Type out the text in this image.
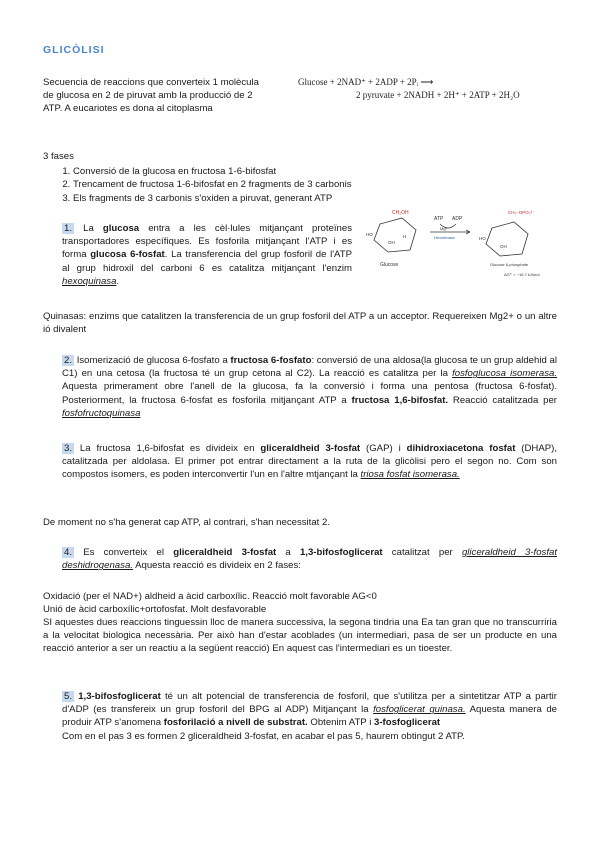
GLICÒLISI
Secuencia de reaccions que converteix 1 molècula de glucosa en 2 de piruvat amb la producció de 2 ATP. A eucariotes es dona al citoplasma
Glucose + 2NAD⁺ + 2ADP + 2Pᵢ ⟶
2 pyruvate + 2NADH + 2H⁺ + 2ATP + 2H₂O
3 fases
1. Conversió de la glucosa en fructosa 1-6-bifosfat
2. Trencament de fructosa 1-6-bifosfat en 2 fragments de 3 carbonis
3. Els fragments de 3 carbonis s'oxiden a piruvat, generant ATP
1. La glucosa entra a les cèl·lules mitjançant proteïnes transportadores específiques. Es fosforila mitjançant l'ATP i es forma glucosa 6-fosfat. La transferencia del grup fosforil de l'ATP al grup hidroxil del carboni 6 es catalitza mitjançant l'enzim hexoquinasa.
CH₂OH
HO
OH
H
Glucose
ATP ADP
Mg²⁺
Hexokinase
CH₂–OPO₃²⁻
HO
OH
Glucose 6-phosphate
ΔG°′ = −16.7 kJ/mol
Quinasas: enzims que catalitzen la transferencia de un grup fosforil del ATP a un acceptor. Requereixen Mg2+ o un altre ió divalent
2. Isomerizació de glucosa 6-fosfato a fructosa 6-fosfato: conversió de una aldosa(la glucosa te un grup aldehid al C1) en una cetosa (la fructosa té un grup cetona al C2). La reacció es catalitza per la fosfoglucosa isomerasa. Aquesta primerament obre l'anell de la glucosa, fa la conversió i forma una pentosa (fructosa 6-fosfat). Posteriorment, la fructosa 6-fosfat es fosforila mitjançant ATP a fructosa 1,6-bifosfat. Reacció catalitzada per fosfofructoquinasa
3. La fructosa 1,6-bifosfat es divideix en gliceraldheid 3-fosfat (GAP) i dihidroxiacetona fosfat (DHAP), catalitzada per aldolasa. El primer pot entrar directament a la ruta de la glicòlisi pero el segon no. Com son compostos isomers, es poden interconvertir l'un en l'altre mtjançant la triosa fosfat isomerasa.
De moment no s'ha generat cap ATP, al contrari, s'han necessitat 2.
4. Es converteix el gliceraldheid 3-fosfat a 1,3-bifosfoglicerat catalitzat per gliceraldheid 3-fosfat deshidrogenasa. Aquesta reacció es divideix en 2 fases:
Oxidació (per el NAD+) aldheid a àcid carboxílic. Reacció molt favorable AG<0
Unió de àcid carboxílic+ortofosfat. Molt desfavorable
SI aquestes dues reaccions tinguessin lloc de manera successiva, la segona tindria una Ea tan gran que no transcurriria a la velocitat biologica necessària. Per això han d'estar acoblades (un intermediari, pasa de ser un producte en una reacció anterior a ser un reactiu a la següent reacció) En aquest cas l'intermediari es un tioester.
5. 1,3-bifosfoglicerat té un alt potencial de transferencia de fosforil, que s'utilitza per a sintetitzar ATP a partir d'ADP (es transfereix un grup fosforil del BPG al ADP) Mitjançant la fosfoglicerat quinasa. Aquesta manera de produir ATP s'anomena fosforilació a nivell de substrat. Obtenim ATP i 3-fosfoglicerat
Com en el pas 3 es formen 2 gliceraldheid 3-fosfat, en acabar el pas 5, haurem obtingut 2 ATP.
